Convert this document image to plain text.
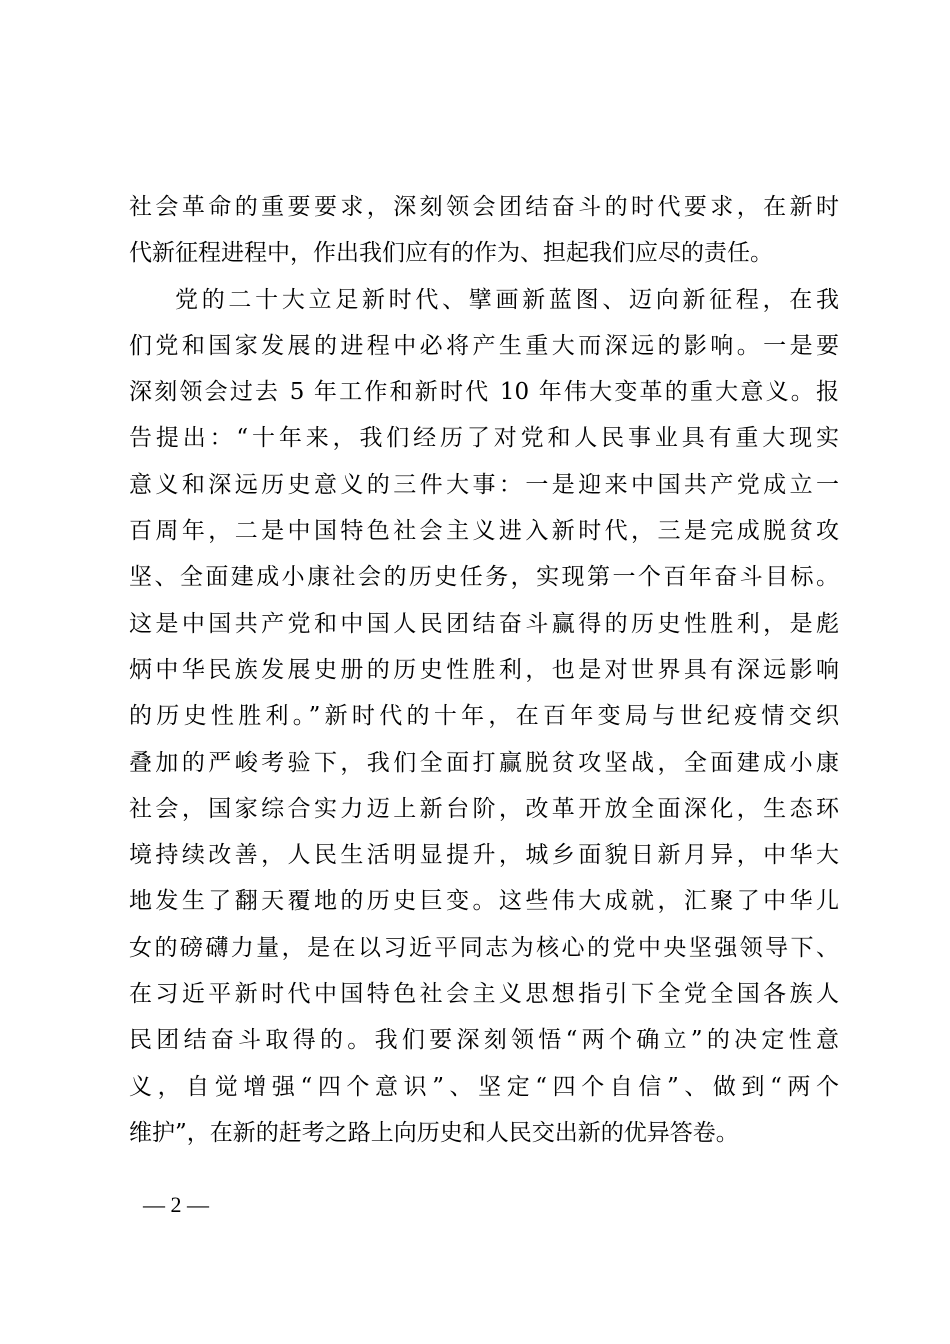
社会革命的重要要求，深刻领会团结奋斗的时代要求，在新时
代新征程进程中，作出我们应有的作为、担起我们应尽的责任。
党的二十大立足新时代、擘画新蓝图、迈向新征程，在我
们党和国家发展的进程中必将产生重大而深远的影响。一是要
深刻领会过去 5 年工作和新时代 10 年伟大变革的重大意义。报
告提出：“十年来，我们经历了对党和人民事业具有重大现实
意义和深远历史意义的三件大事：一是迎来中国共产党成立一
百周年，二是中国特色社会主义进入新时代，三是完成脱贫攻
坚、全面建成小康社会的历史任务，实现第一个百年奋斗目标。
这是中国共产党和中国人民团结奋斗赢得的历史性胜利，是彪
炳中华民族发展史册的历史性胜利，也是对世界具有深远影响
的历史性胜利。”新时代的十年，在百年变局与世纪疫情交织
叠加的严峻考验下，我们全面打赢脱贫攻坚战，全面建成小康
社会，国家综合实力迈上新台阶，改革开放全面深化，生态环
境持续改善，人民生活明显提升，城乡面貌日新月异，中华大
地发生了翻天覆地的历史巨变。这些伟大成就，汇聚了中华儿
女的磅礴力量，是在以习近平同志为核心的党中央坚强领导下、
在习近平新时代中国特色社会主义思想指引下全党全国各族人
民团结奋斗取得的。我们要深刻领悟“两个确立”的决定性意
义，自觉增强“四个意识”、坚定“四个自信”、做到“两个
维护”，在新的赶考之路上向历史和人民交出新的优异答卷。
— 2 —
